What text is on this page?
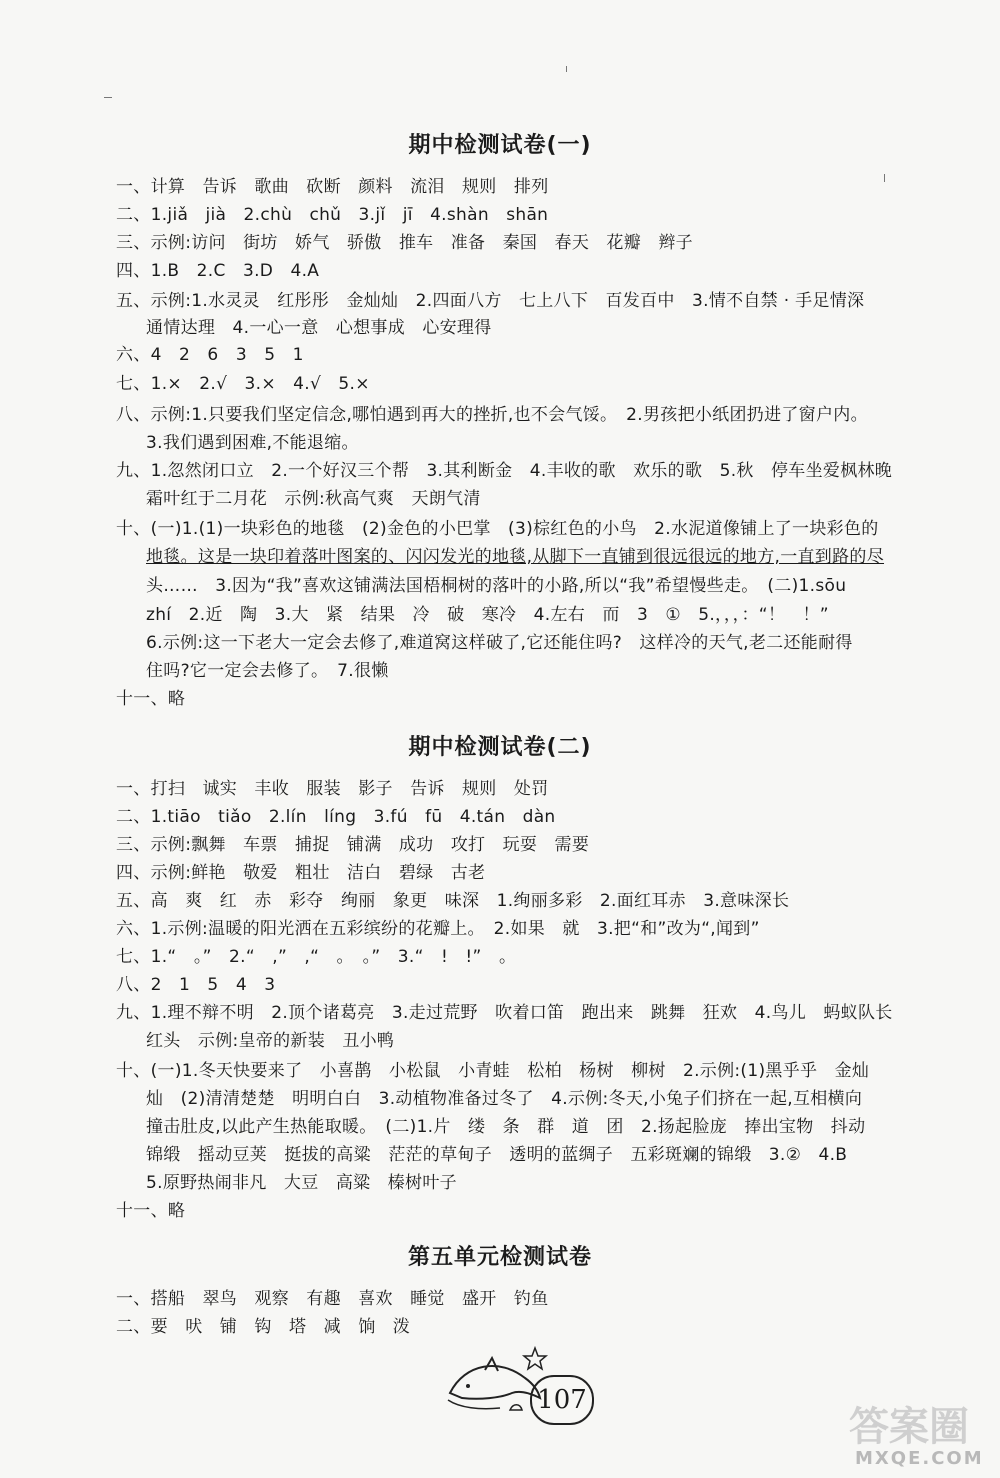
期中检测试卷(一)
一、计算　告诉　歌曲　砍断　颜料　流泪　规则　排列
二、1.jiǎ　jià　2.chù　chǔ　3.jǐ　jī　4.shàn　shān
三、示例:访问　街坊　娇气　骄傲　推车　准备　秦国　春天　花瓣　辫子
四、1.B　2.C　3.D　4.A
五、示例:1.水灵灵　红彤彤　金灿灿　2.四面八方　七上八下　百发百中　3.情不自禁 · 手足情深
通情达理　4.一心一意　心想事成　心安理得
六、4　2　6　3　5　1
七、1.×　2.√　3.×　4.√　5.×
八、示例:1.只要我们坚定信念,哪怕遇到再大的挫折,也不会气馁。　2.男孩把小纸团扔进了窗户内。
3.我们遇到困难,不能退缩。
九、1.忽然闭口立　2.一个好汉三个帮　3.其利断金　4.丰收的歌　欢乐的歌　5.秋　停车坐爱枫林晚
霜叶红于二月花　示例:秋高气爽　天朗气清
十、(一)1.(1)一块彩色的地毯　(2)金色的小巴掌　(3)棕红色的小鸟　2.水泥道像铺上了一块彩色的
地毯。这是一块印着落叶图案的、闪闪发光的地毯,从脚下一直铺到很远很远的地方,一直到路的尽
头……　3.因为“我”喜欢这铺满法国梧桐树的落叶的小路,所以“我”希望慢些走。　(二)1.sōu
zhí　2.近　陶　3.大　紧　结果　冷　破　寒冷　4.左右　而　3　①　5.，，，：“！　！”
6.示例:这一下老大一定会去修了,难道窝这样破了,它还能住吗?　这样冷的天气,老二还能耐得
住吗?它一定会去修了。　7.很懒
十一、略
期中检测试卷(二)
一、打扫　诚实　丰收　服装　影子　告诉　规则　处罚
二、1.tiāo　tiǎo　2.lín　líng　3.fú　fū　4.tán　dàn
三、示例:飘舞　车票　捕捉　铺满　成功　攻打　玩耍　需要
四、示例:鲜艳　敬爱　粗壮　洁白　碧绿　古老
五、高　爽　红　赤　彩夺　绚丽　象更　味深　1.绚丽多彩　2.面红耳赤　3.意味深长
六、1.示例:温暖的阳光洒在五彩缤纷的花瓣上。　2.如果　就　3.把“和”改为“,闻到”
七、1.“　。”　2.“　,”　,“　。　。”　3.“　!　!”　。
八、2　1　5　4　3
九、1.理不辩不明　2.顶个诸葛亮　3.走过荒野　吹着口笛　跑出来　跳舞　狂欢　4.鸟儿　蚂蚁队长
红头　示例:皇帝的新装　丑小鸭
十、(一)1.冬天快要来了　小喜鹊　小松鼠　小青蛙　松柏　杨树　柳树　2.示例:(1)黑乎乎　金灿
灿　(2)清清楚楚　明明白白　3.动植物准备过冬了　4.示例:冬天,小兔子们挤在一起,互相横向
撞击肚皮,以此产生热能取暖。　(二)1.片　缕　条　群　道　团　2.扬起脸庞　捧出宝物　抖动
锦缎　摇动豆荚　挺拔的高粱　茫茫的草甸子　透明的蓝绸子　五彩斑斓的锦缎　3.②　4.B
5.原野热闹非凡　大豆　高粱　榛树叶子
十一、略
第五单元检测试卷
一、搭船　翠鸟　观察　有趣　喜欢　睡觉　盛开　钓鱼
二、要　吠　铺　钩　塔　减　饷　泼
107
答案圈
MXQE.COM
